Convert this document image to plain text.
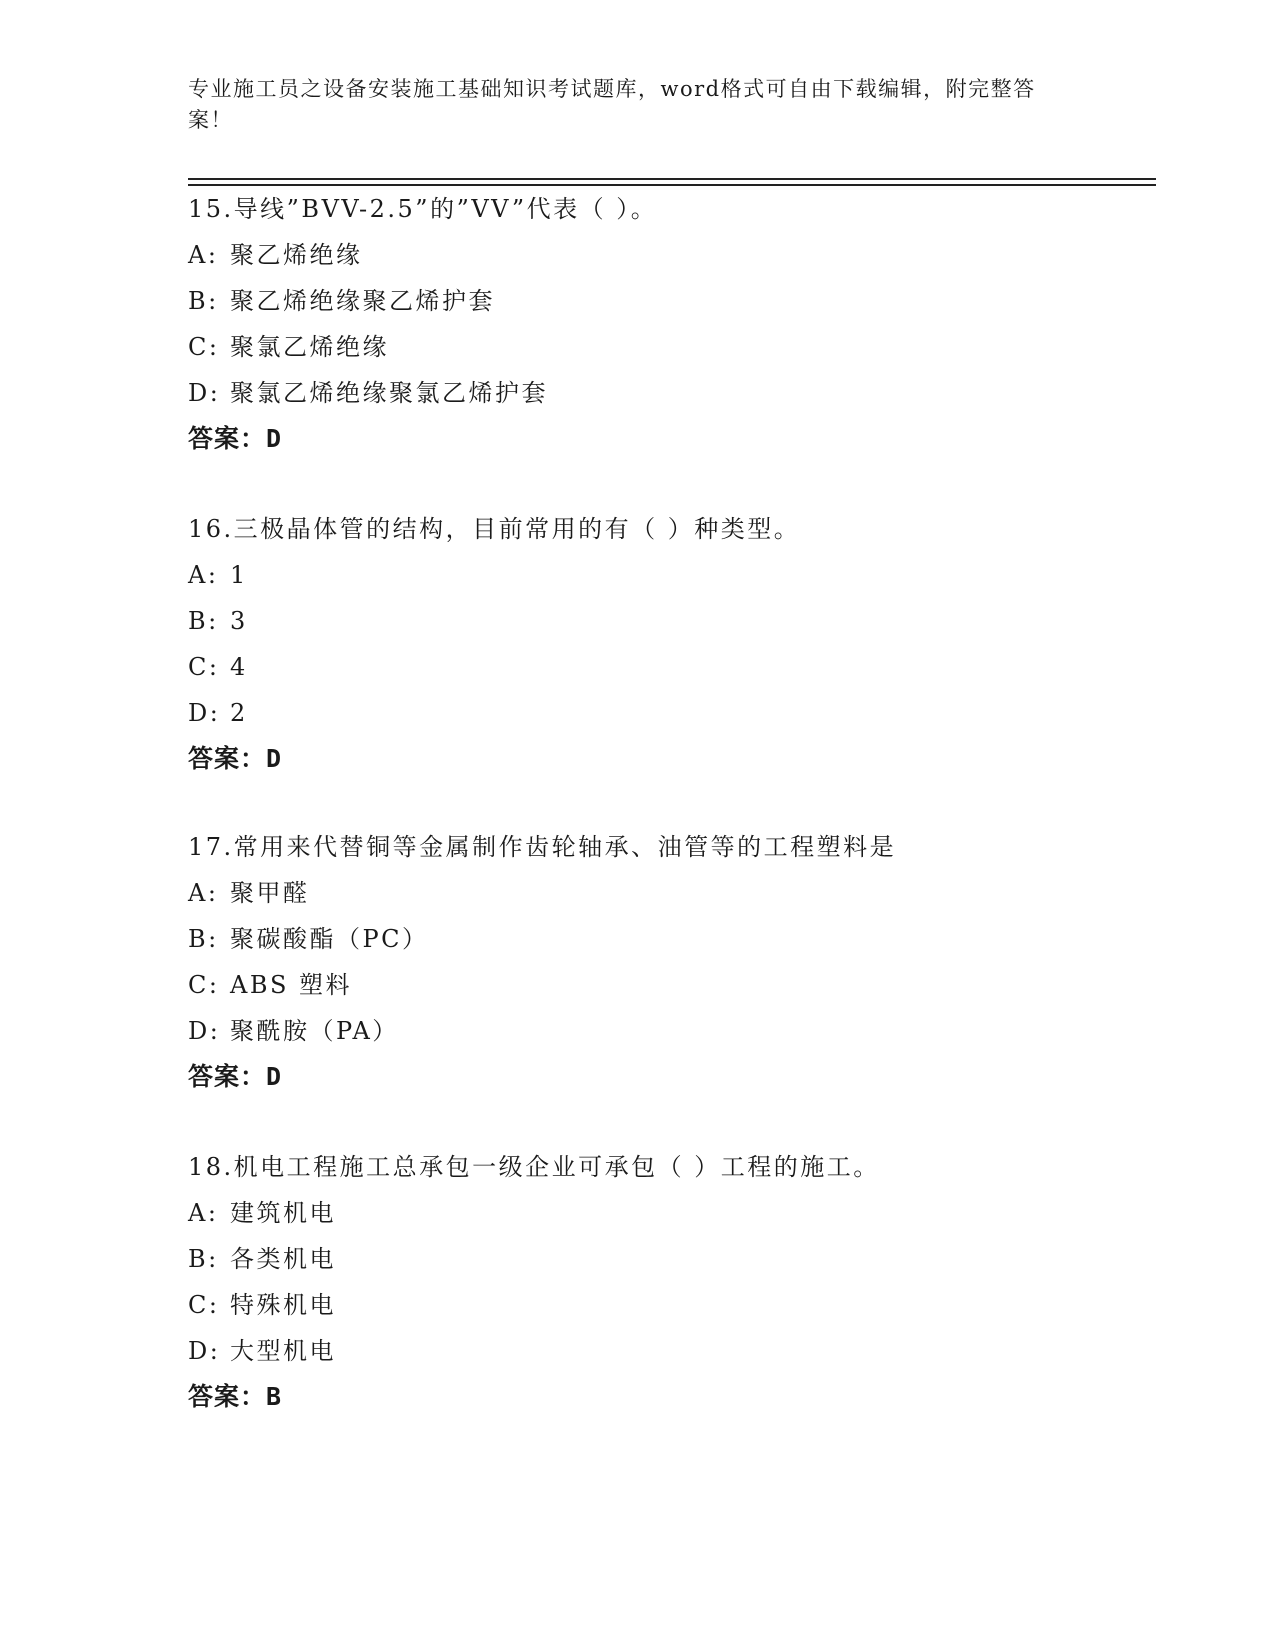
专业施工员之设备安装施工基础知识考试题库，word格式可自由下载编辑，附完整答案！
15.导线”BVV-2.5”的”VV”代表（ ）。
A: 聚乙烯绝缘
B: 聚乙烯绝缘聚乙烯护套
C: 聚氯乙烯绝缘
D: 聚氯乙烯绝缘聚氯乙烯护套
答案：D
16.三极晶体管的结构，目前常用的有（ ）种类型。
A: 1
B: 3
C: 4
D: 2
答案：D
17.常用来代替铜等金属制作齿轮轴承、油管等的工程塑料是
A: 聚甲醛
B: 聚碳酸酯（PC）
C: ABS 塑料
D: 聚酰胺（PA）
答案：D
18.机电工程施工总承包一级企业可承包（ ）工程的施工。
A: 建筑机电
B: 各类机电
C: 特殊机电
D: 大型机电
答案：B
